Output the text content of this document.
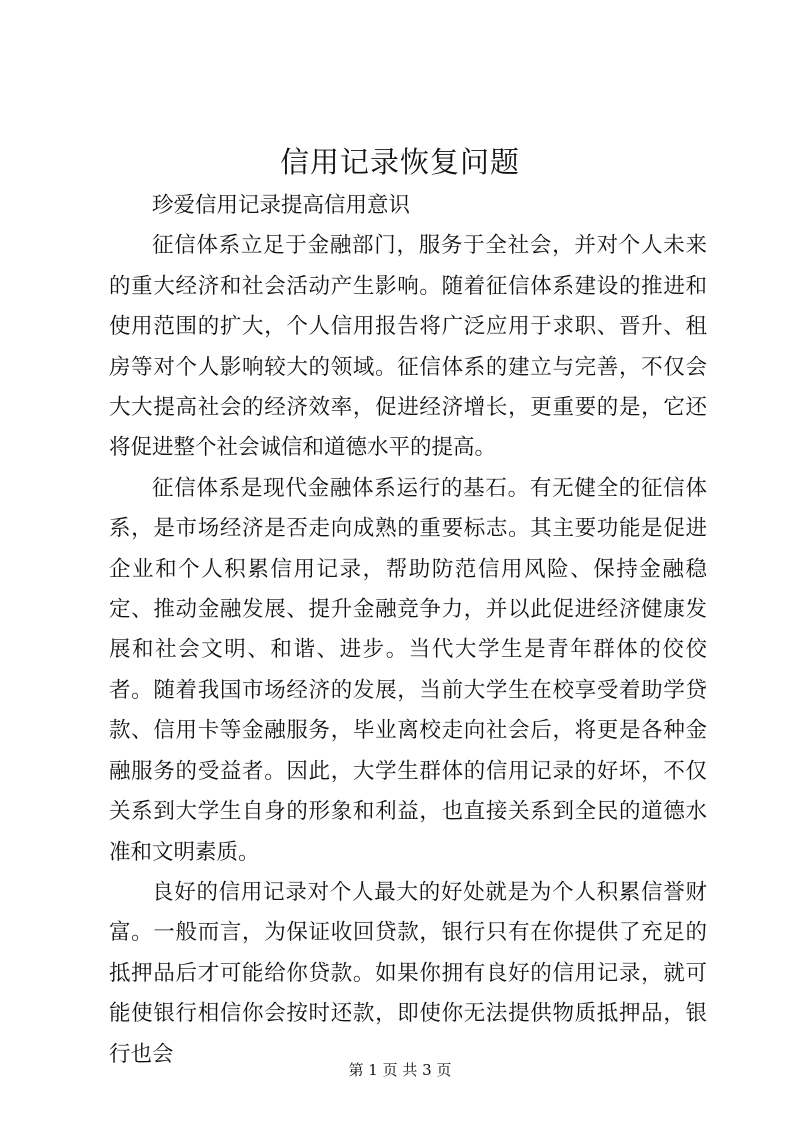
信用记录恢复问题

珍爱信用记录提高信用意识

征信体系立足于金融部门，服务于全社会，并对个人未来的重大经济和社会活动产生影响。随着征信体系建设的推进和使用范围的扩大，个人信用报告将广泛应用于求职、晋升、租房等对个人影响较大的领域。征信体系的建立与完善，不仅会大大提高社会的经济效率，促进经济增长，更重要的是，它还将促进整个社会诚信和道德水平的提高。

征信体系是现代金融体系运行的基石。有无健全的征信体系，是市场经济是否走向成熟的重要标志。其主要功能是促进企业和个人积累信用记录，帮助防范信用风险、保持金融稳定、推动金融发展、提升金融竞争力，并以此促进经济健康发展和社会文明、和谐、进步。当代大学生是青年群体的佼佼者。随着我国市场经济的发展，当前大学生在校享受着助学贷款、信用卡等金融服务，毕业离校走向社会后，将更是各种金融服务的受益者。因此，大学生群体的信用记录的好坏，不仅关系到大学生自身的形象和利益，也直接关系到全民的道德水准和文明素质。

良好的信用记录对个人最大的好处就是为个人积累信誉财富。一般而言，为保证收回贷款，银行只有在你提供了充足的抵押品后才可能给你贷款。如果你拥有良好的信用记录，就可能使银行相信你会按时还款，即使你无法提供物质抵押品，银行也会

第 1 页 共 3 页
